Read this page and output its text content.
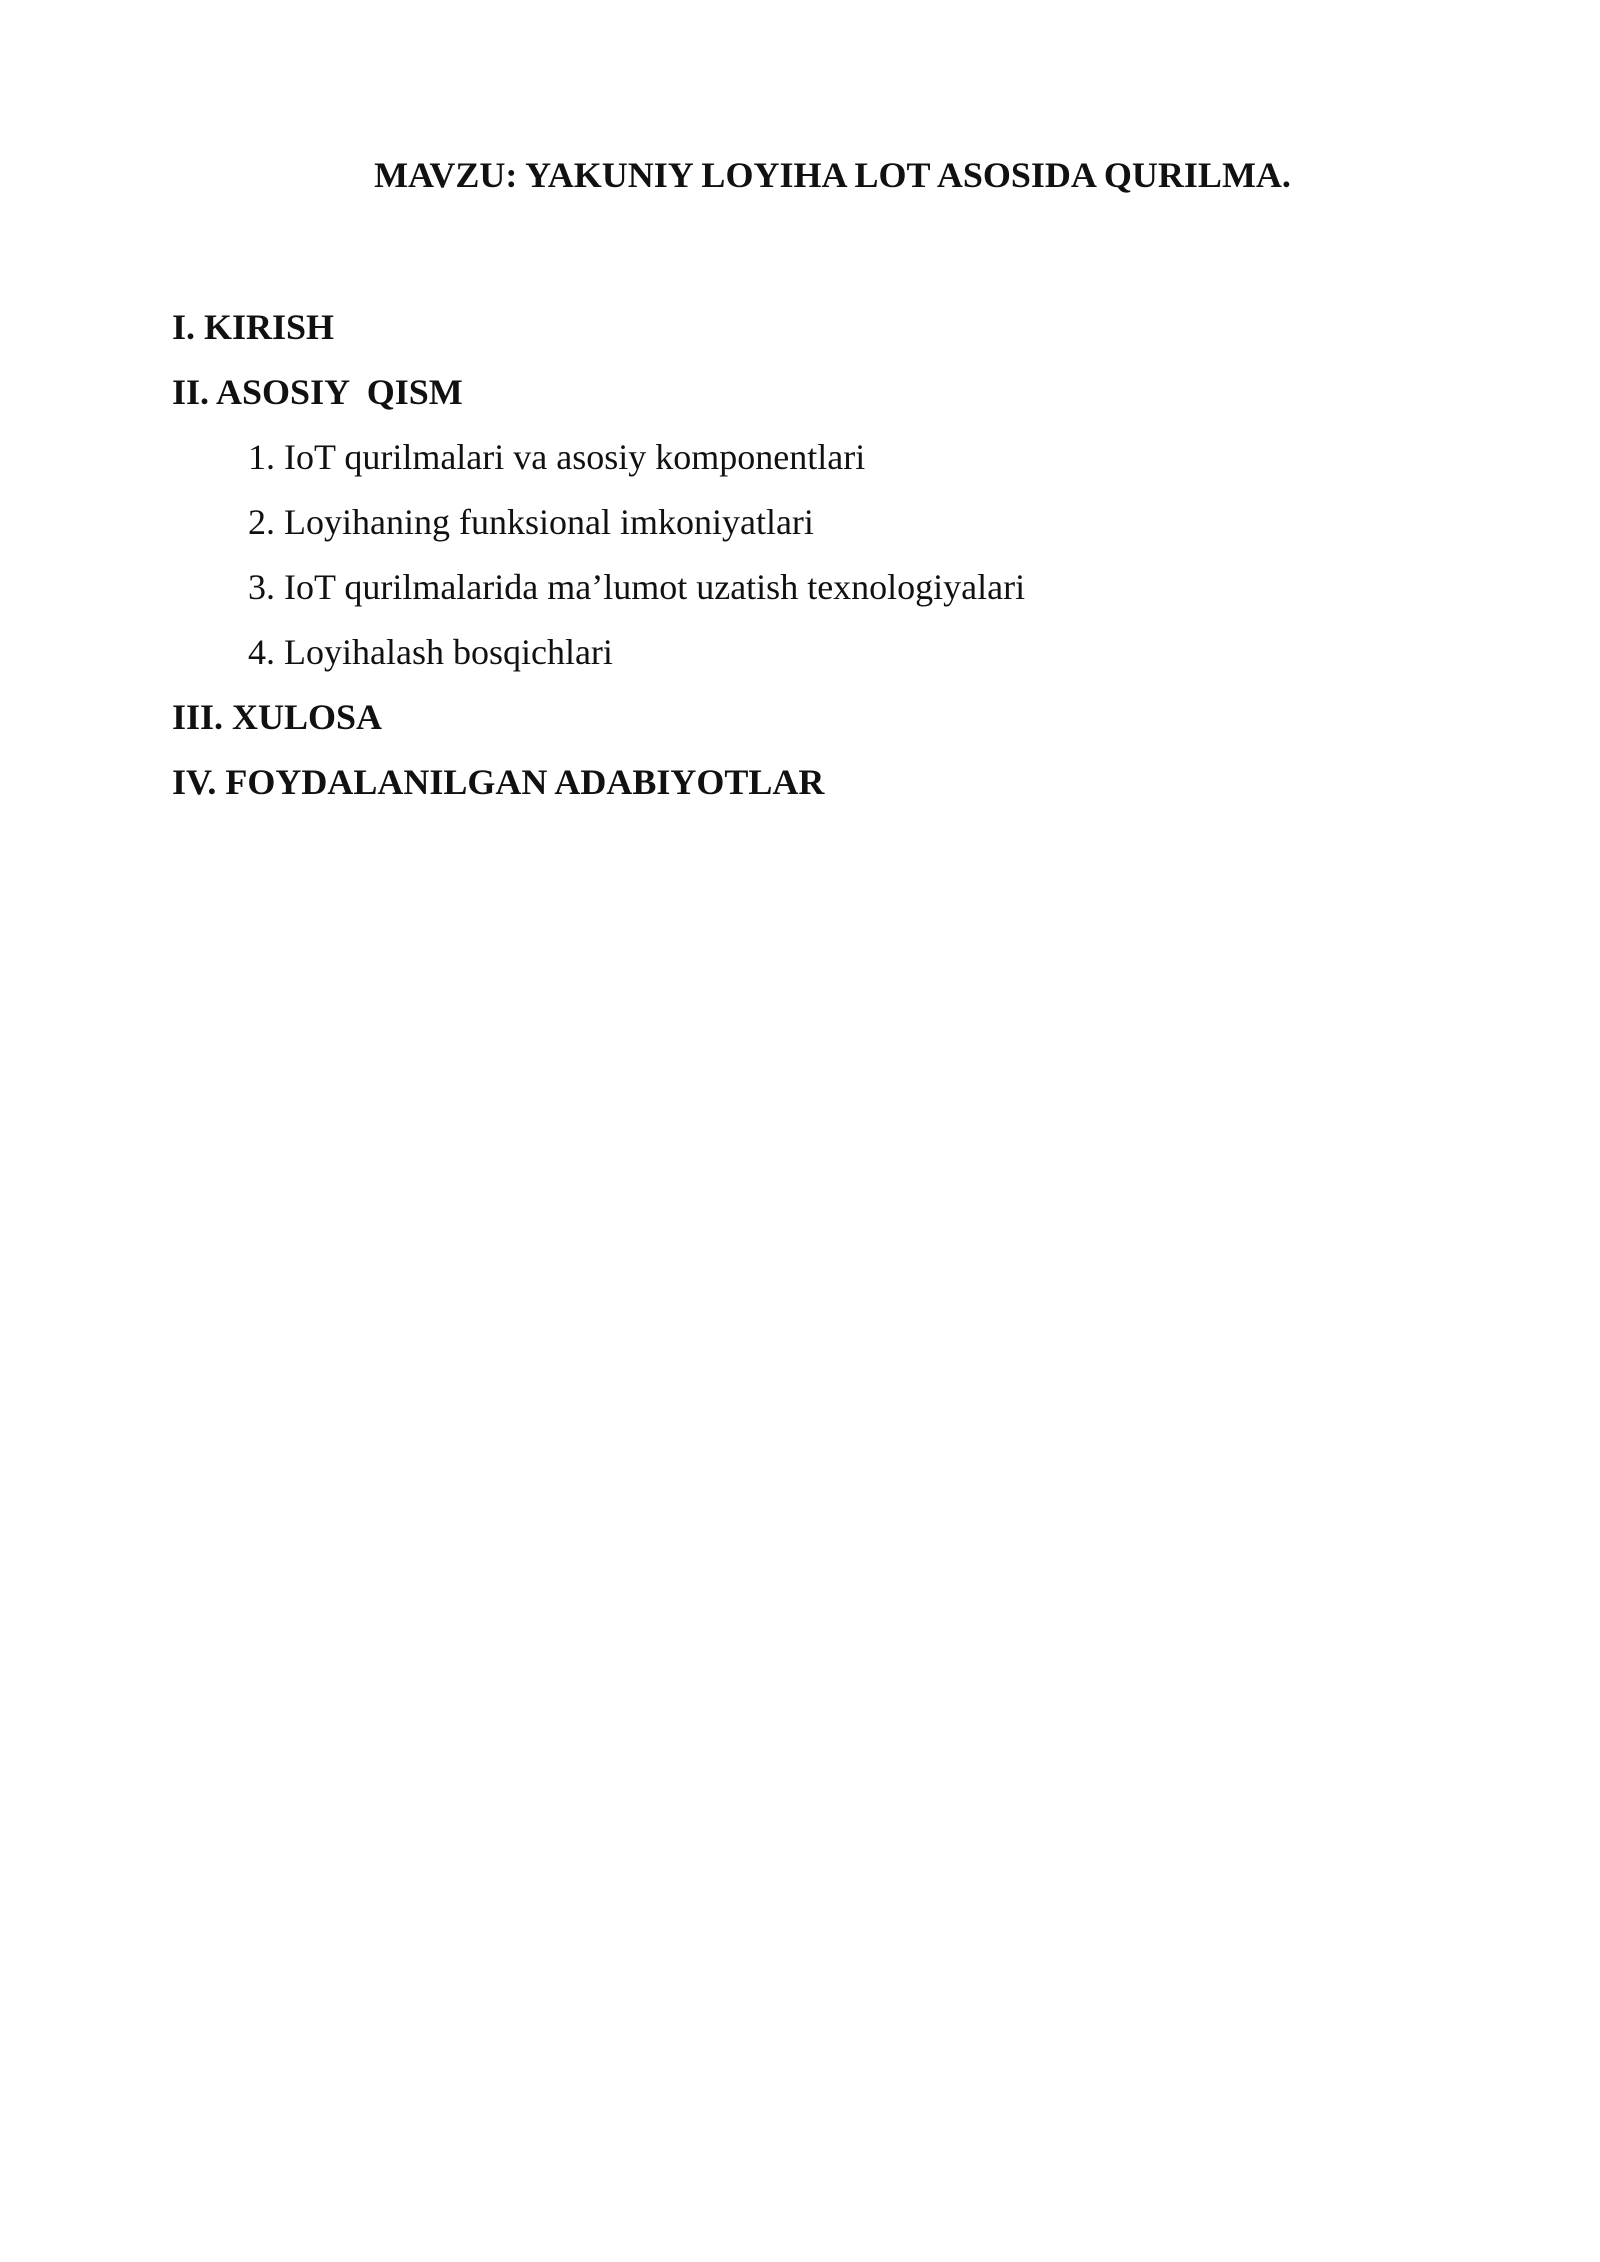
MAVZU: YAKUNIY LOYIHA LOT ASOSIDA QURILMA.
I. KIRISH
II. ASOSIY  QISM
1. IoT qurilmalari va asosiy komponentlari
2. Loyihaning funksional imkoniyatlari
3. IoT qurilmalarida ma’lumot uzatish texnologiyalari
4. Loyihalash bosqichlari
III. XULOSA
IV. FOYDALANILGAN ADABIYOTLAR
